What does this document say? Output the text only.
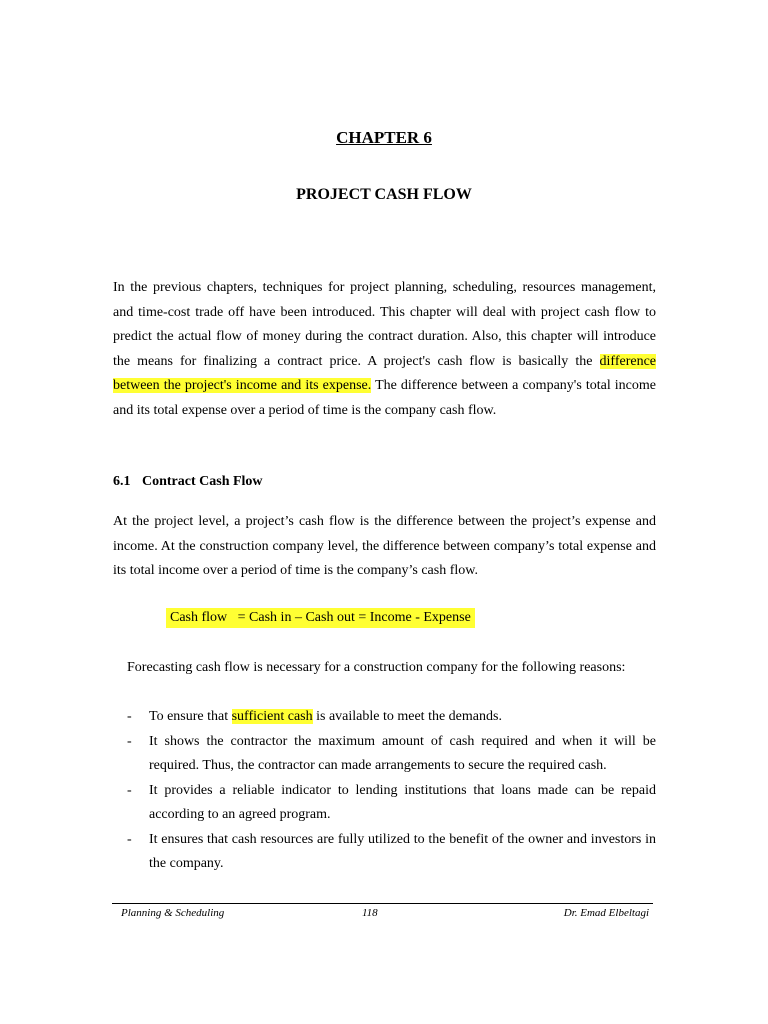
CHAPTER 6
PROJECT CASH FLOW

In the previous chapters, techniques for project planning, scheduling, resources management, and time-cost trade off have been introduced. This chapter will deal with project cash flow to predict the actual flow of money during the contract duration. Also, this chapter will introduce the means for finalizing a contract price. A project's cash flow is basically the difference between the project's income and its expense. The difference between a company's total income and its total expense over a period of time is the company cash flow.

6.1 Contract Cash Flow

At the project level, a project’s cash flow is the difference between the project’s expense and income. At the construction company level, the difference between company’s total expense and its total income over a period of time is the company’s cash flow.

Cash flow   = Cash in – Cash out = Income - Expense

Forecasting cash flow is necessary for a construction company for the following reasons:

- To ensure that sufficient cash is available to meet the demands.
- It shows the contractor the maximum amount of cash required and when it will be required. Thus, the contractor can made arrangements to secure the required cash.
- It provides a reliable indicator to lending institutions that loans made can be repaid according to an agreed program.
- It ensures that cash resources are fully utilized to the benefit of the owner and investors in the company.
Planning & Scheduling	118	Dr. Emad Elbeltagi
